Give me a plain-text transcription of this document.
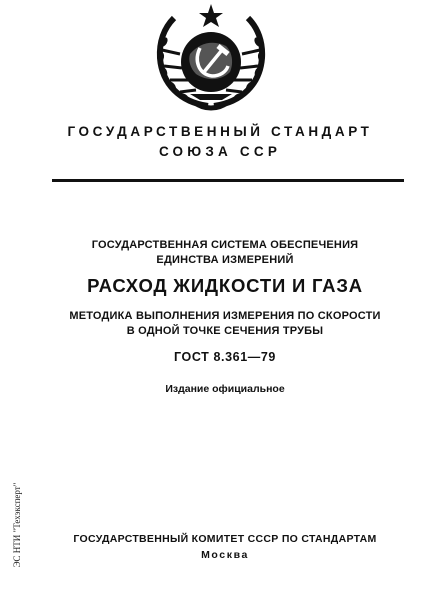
ГОСУДАРСТВЕННЫЙ СТАНДАРТ
СОЮЗА ССР
ГОСУДАРСТВЕННАЯ СИСТЕМА ОБЕСПЕЧЕНИЯ
ЕДИНСТВА ИЗМЕРЕНИЙ
РАСХОД ЖИДКОСТИ И ГАЗА
МЕТОДИКА ВЫПОЛНЕНИЯ ИЗМЕРЕНИЯ ПО СКОРОСТИ
В ОДНОЙ ТОЧКЕ СЕЧЕНИЯ ТРУБЫ
ГОСТ 8.361—79
Издание официальное
ГОСУДАРСТВЕННЫЙ КОМИТЕТ СССР ПО СТАНДАРТАМ
Москва
ЭС НТИ "Техэксперт"
